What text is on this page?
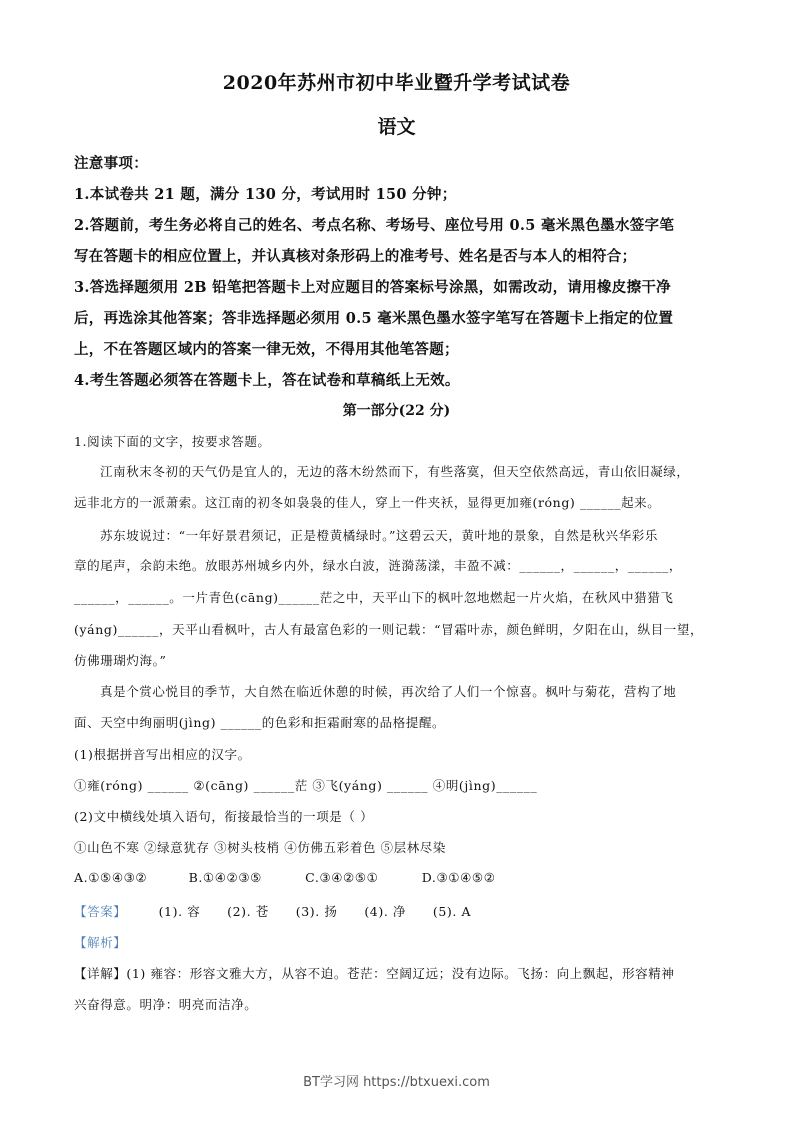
2020年苏州市初中毕业暨升学考试试卷
语文
注意事项：
1.本试卷共 21 题，满分 130 分，考试用时 150 分钟；
2.答题前，考生务必将自己的姓名、考点名称、考场号、座位号用 0.5 毫米黑色墨水签字笔
写在答题卡的相应位置上，并认真核对条形码上的准考号、姓名是否与本人的相符合；
3.答选择题须用 2B 铅笔把答题卡上对应题目的答案标号涂黑，如需改动，请用橡皮擦干净
后，再选涂其他答案；答非选择题必须用 0.5 毫米黑色墨水签字笔写在答题卡上指定的位置
上，不在答题区域内的答案一律无效，不得用其他笔答题；
4.考生答题必须答在答题卡上，答在试卷和草稿纸上无效。
第一部分(22 分)
1.阅读下面的文字，按要求答题。
江南秋末冬初的天气仍是宜人的，无边的落木纷然而下，有些落寞，但天空依然高远，青山依旧凝绿，
远非北方的一派萧索。这江南的初冬如袅袅的佳人，穿上一件夹袄，显得更加雍(róng) ______起来。
苏东坡说过：“一年好景君须记，正是橙黄橘绿时。”这碧云天，黄叶地的景象，自然是秋兴华彩乐
章的尾声，余韵未绝。放眼苏州城乡内外，绿水白波，涟漪荡漾，丰盈不减：______，______，______，
______，______。一片青色(cāng)______茫之中，天平山下的枫叶忽地燃起一片火焰，在秋风中猎猎飞
(yáng)______，天平山看枫叶，古人有最富色彩的一则记载：“冒霜叶赤，颜色鲜明，夕阳在山，纵目一望，
仿佛珊瑚灼海。”
真是个赏心悦目的季节，大自然在临近休憩的时候，再次给了人们一个惊喜。枫叶与菊花，营构了地
面、天空中绚丽明(jìng) ______的色彩和拒霜耐寒的品格提醒。
(1)根据拼音写出相应的汉字。
①雍(róng) ______ ②(cāng) ______茫 ③飞(yáng) ______ ④明(jìng)______
(2)文中横线处填入语句，衔接最恰当的一项是（ ）
①山色不寒 ②绿意犹存 ③树头枝梢 ④仿佛五彩着色 ⑤层林尽染
A.①⑤④③②	B.①④②③⑤	C.③④②⑤①	D.③①④⑤②
【答案】	(1). 容 (2). 苍 (3). 扬 (4). 净 (5). A
【解析】
【详解】(1) 雍容：形容文雅大方，从容不迫。苍茫：空阔辽远；没有边际。飞扬：向上飘起，形容精神
兴奋得意。明净：明亮而洁净。
BT学习网 https://btxuexi.com
